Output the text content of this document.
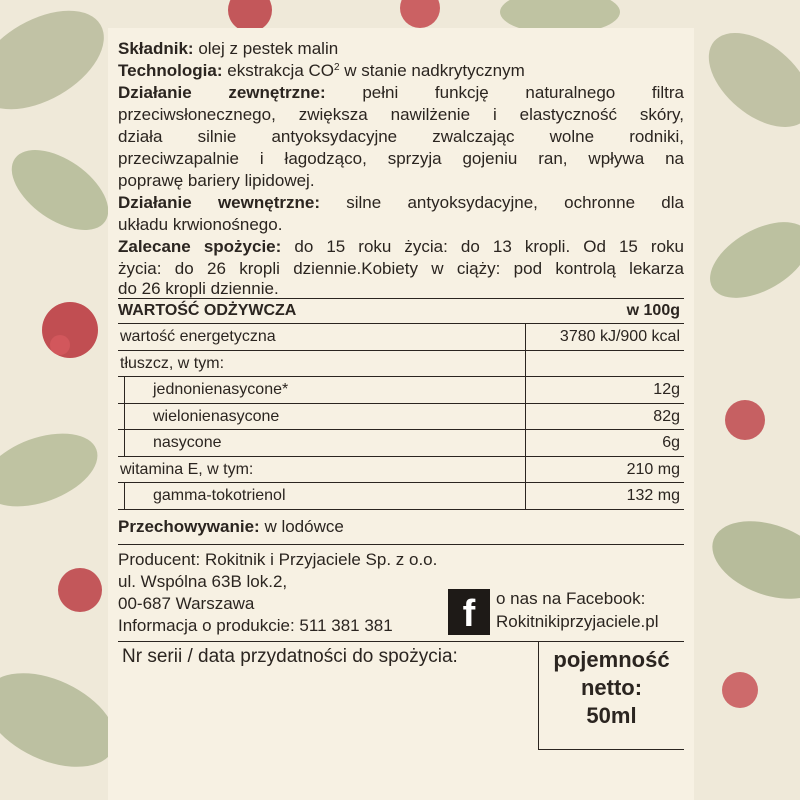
Składnik: olej z pestek malin
Technologia: ekstrakcja $CO^2$ w stanie nadkrytycznym
Działanie zewnętrzne: pełni funkcję naturalnego filtra
przeciwsłonecznego, zwiększa nawilżenie i elastyczność skóry,
działa silnie antyoksydacyjne zwalczając wolne rodniki,
przeciwzapalnie i łagodząco, sprzyja gojeniu ran, wpływa na
poprawę bariery lipidowej.
Działanie wewnętrzne: silne antyoksydacyjne, ochronne dla
układu krwionośnego.
Zalecane spożycie: do 15 roku życia: do 13 kropli. Od 15 roku
życia: do 26 kropli dziennie.Kobiety w ciąży: pod kontrolą lekarza
do 26 kropli dziennie.
WARTOŚĆ ODŻYWCZA	w 100g
wartość energetyczna	3780 kJ/900 kcal
tłuszcz, w tym:
jednonienasycone*	12g
wielonienasycone	82g
nasycone	6g
witamina E, w tym:	210 mg
gamma-tokotrienol	132 mg
Przechowywanie: w lodówce
Producent: Rokitnik i Przyjaciele Sp. z o.o.
ul. Wspólna 63B lok.2,
00-687 Warszawa
Informacja o produkcie: 511 381 381	f	o nas na Facebook:
Rokitnikiprzyjaciele.pl
Nr serii / data przydatności do spożycia:	pojemność
netto:
50ml
